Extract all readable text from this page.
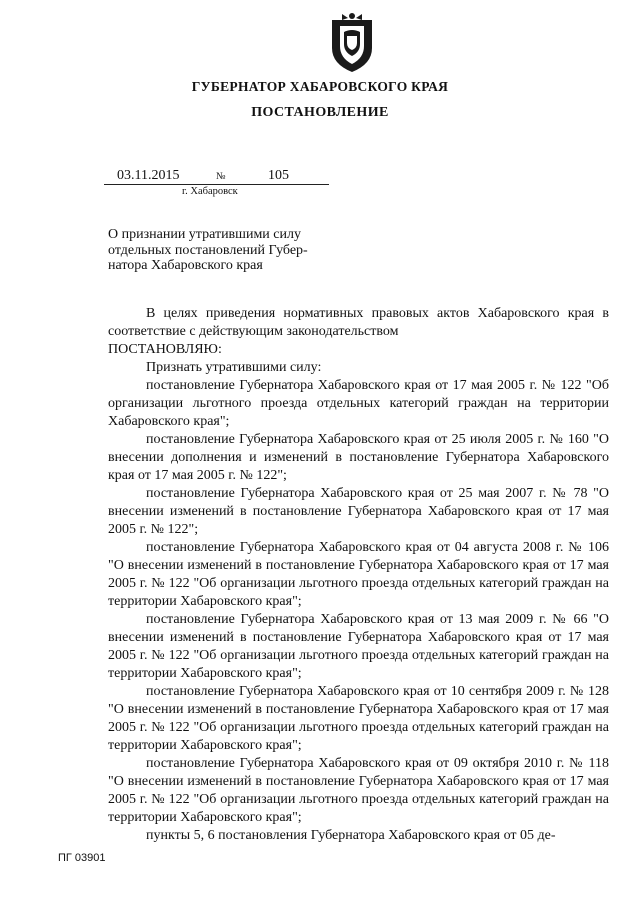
ГУБЕРНАТОР ХАБАРОВСКОГО КРАЯ
ПОСТАНОВЛЕНИЕ
03.11.2015	№	105
г. Хабаровск
О признании утратившими силу
отдельных постановлений Губер-
натора Хабаровского края

В целях приведения нормативных правовых актов Хабаровского края в соответствие с действующим законодательством

ПОСТАНОВЛЯЮ:

Признать утратившими силу:

постановление Губернатора Хабаровского края от 17 мая 2005 г. № 122 "Об организации льготного проезда отдельных категорий граждан на территории Хабаровского края";

постановление Губернатора Хабаровского края от 25 июля 2005 г. № 160 "О внесении дополнения и изменений в постановление Губернатора Хабаровского края от 17 мая 2005 г. № 122";

постановление Губернатора Хабаровского края от 25 мая 2007 г. № 78 "О внесении изменений в постановление Губернатора Хабаровского края от 17 мая 2005 г. № 122";

постановление Губернатора Хабаровского края от 04 августа 2008 г. № 106 "О внесении изменений в постановление Губернатора Хабаровского края от 17 мая 2005 г. № 122 "Об организации льготного проезда отдельных категорий граждан на территории Хабаровского края";

постановление Губернатора Хабаровского края от 13 мая 2009 г. № 66 "О внесении изменений в постановление Губернатора Хабаровского края от 17 мая 2005 г. № 122 "Об организации льготного проезда отдельных категорий граждан на территории Хабаровского края";

постановление Губернатора Хабаровского края от 10 сентября 2009 г. № 128 "О внесении изменений в постановление Губернатора Хабаровского края от 17 мая 2005 г. № 122 "Об организации льготного проезда отдельных категорий граждан на территории Хабаровского края";

постановление Губернатора Хабаровского края от 09 октября 2010 г. № 118 "О внесении изменений в постановление Губернатора Хабаровского края от 17 мая 2005 г. № 122 "Об организации льготного проезда отдельных категорий граждан на территории Хабаровского края";

пункты 5, 6 постановления Губернатора Хабаровского края от 05 де-

ПГ 03901
